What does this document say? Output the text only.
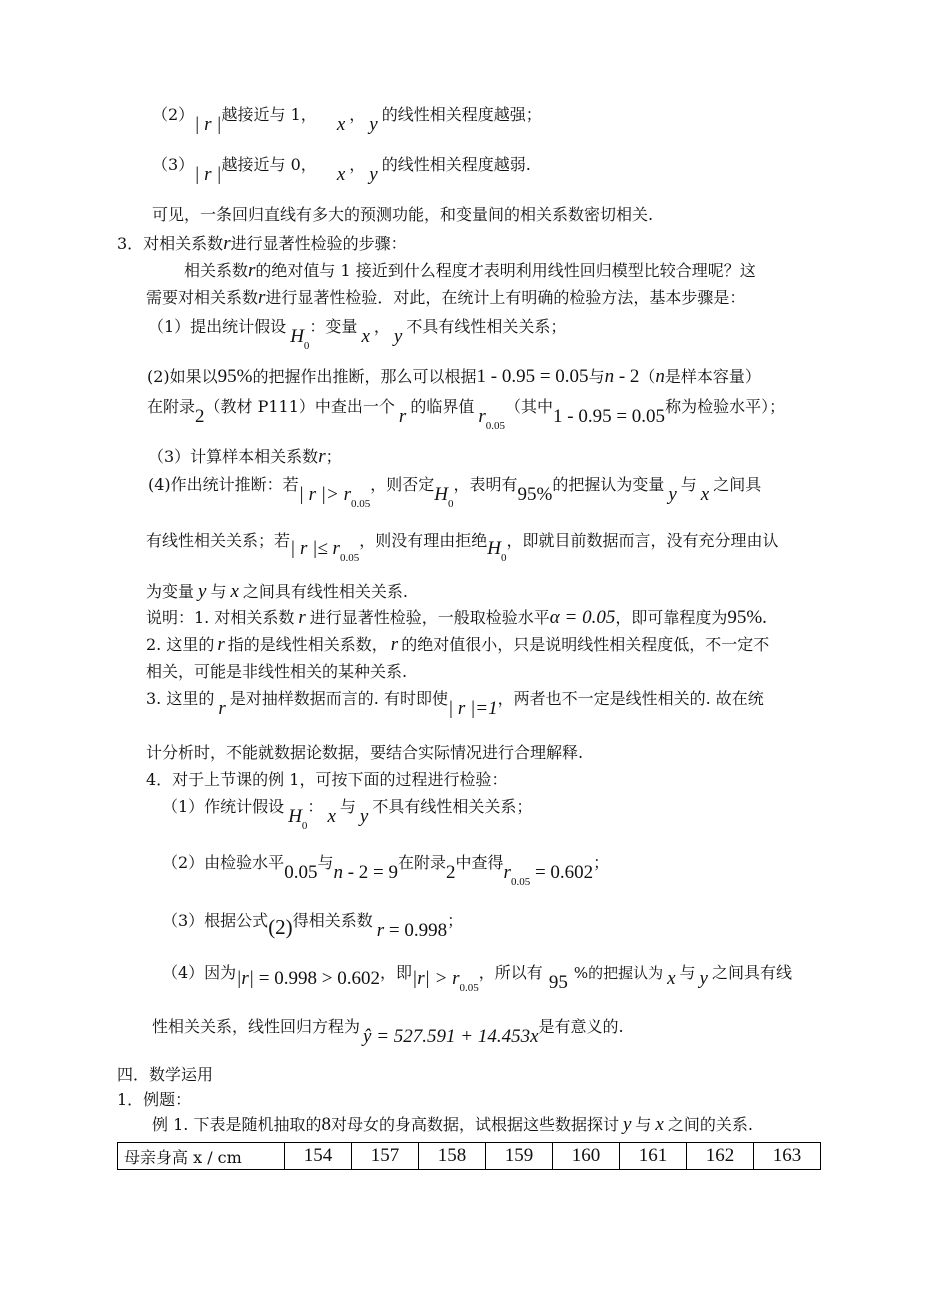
（2）| r |越接近与 1， x ， y 的线性相关程度越强；
（3）| r |越接近与 0， x ， y 的线性相关程度越弱.
可见，一条回归直线有多大的预测功能，和变量间的相关系数密切相关.
3．对相关系数r进行显著性检验的步骤：
相关系数r的绝对值与 1 接近到什么程度才表明利用线性回归模型比较合理呢？这
需要对相关系数r进行显著性检验．对此，在统计上有明确的检验方法，基本步骤是：
（1）提出统计假设 $H_0$：变量 x ， y 不具有线性相关关系；
(2)如果以95%的把握作出推断，那么可以根据1 - 0.95 = 0.05与n - 2（n是样本容量）
在附录2（教材 P111）中查出一个 r 的临界值 $r_{0.05}$（其中1 - 0.95 = 0.05称为检验水平）；
（3）计算样本相关系数r；
(4)作出统计推断：若| r |> $r_{0.05}$，则否定$H_0$，表明有95%的把握认为变量 y 与 x 之间具
有线性相关关系；若| r |≤ $r_{0.05}$，则没有理由拒绝$H_0$，即就目前数据而言，没有充分理由认
为变量 y 与 x 之间具有线性相关关系.
说明：1. 对相关系数 r 进行显著性检验，一般取检验水平α = 0.05，即可靠程度为95%.
2. 这里的 r 指的是线性相关系数， r 的绝对值很小，只是说明线性相关程度低，不一定不
相关，可能是非线性相关的某种关系.
3. 这里的 r 是对抽样数据而言的. 有时即使| r |=1，两者也不一定是线性相关的. 故在统
计分析时，不能就数据论数据，要结合实际情况进行合理解释.
4．对于上节课的例 1，可按下面的过程进行检验：
（1）作统计假设 $H_0$： x 与 y 不具有线性相关关系；
（2）由检验水平0.05与n - 2 = 9在附录2中查得$r_{0.05} = 0.602$；
（3）根据公式(2)得相关系数 r = 0.998；
（4）因为|r| = 0.998 > 0.602，即$|r| > r_{0.05}$，所以有 95 %的把握认为 x 与 y 之间具有线
性相关关系，线性回归方程为 ŷ = 527.591 + 14.453x是有意义的.
四．数学运用
1．例题：
例 1. 下表是随机抽取的8对母女的身高数据，试根据这些数据探讨 y 与 x 之间的关系.
母亲身高 x / cm	154	157	158	159	160	161	162	163
